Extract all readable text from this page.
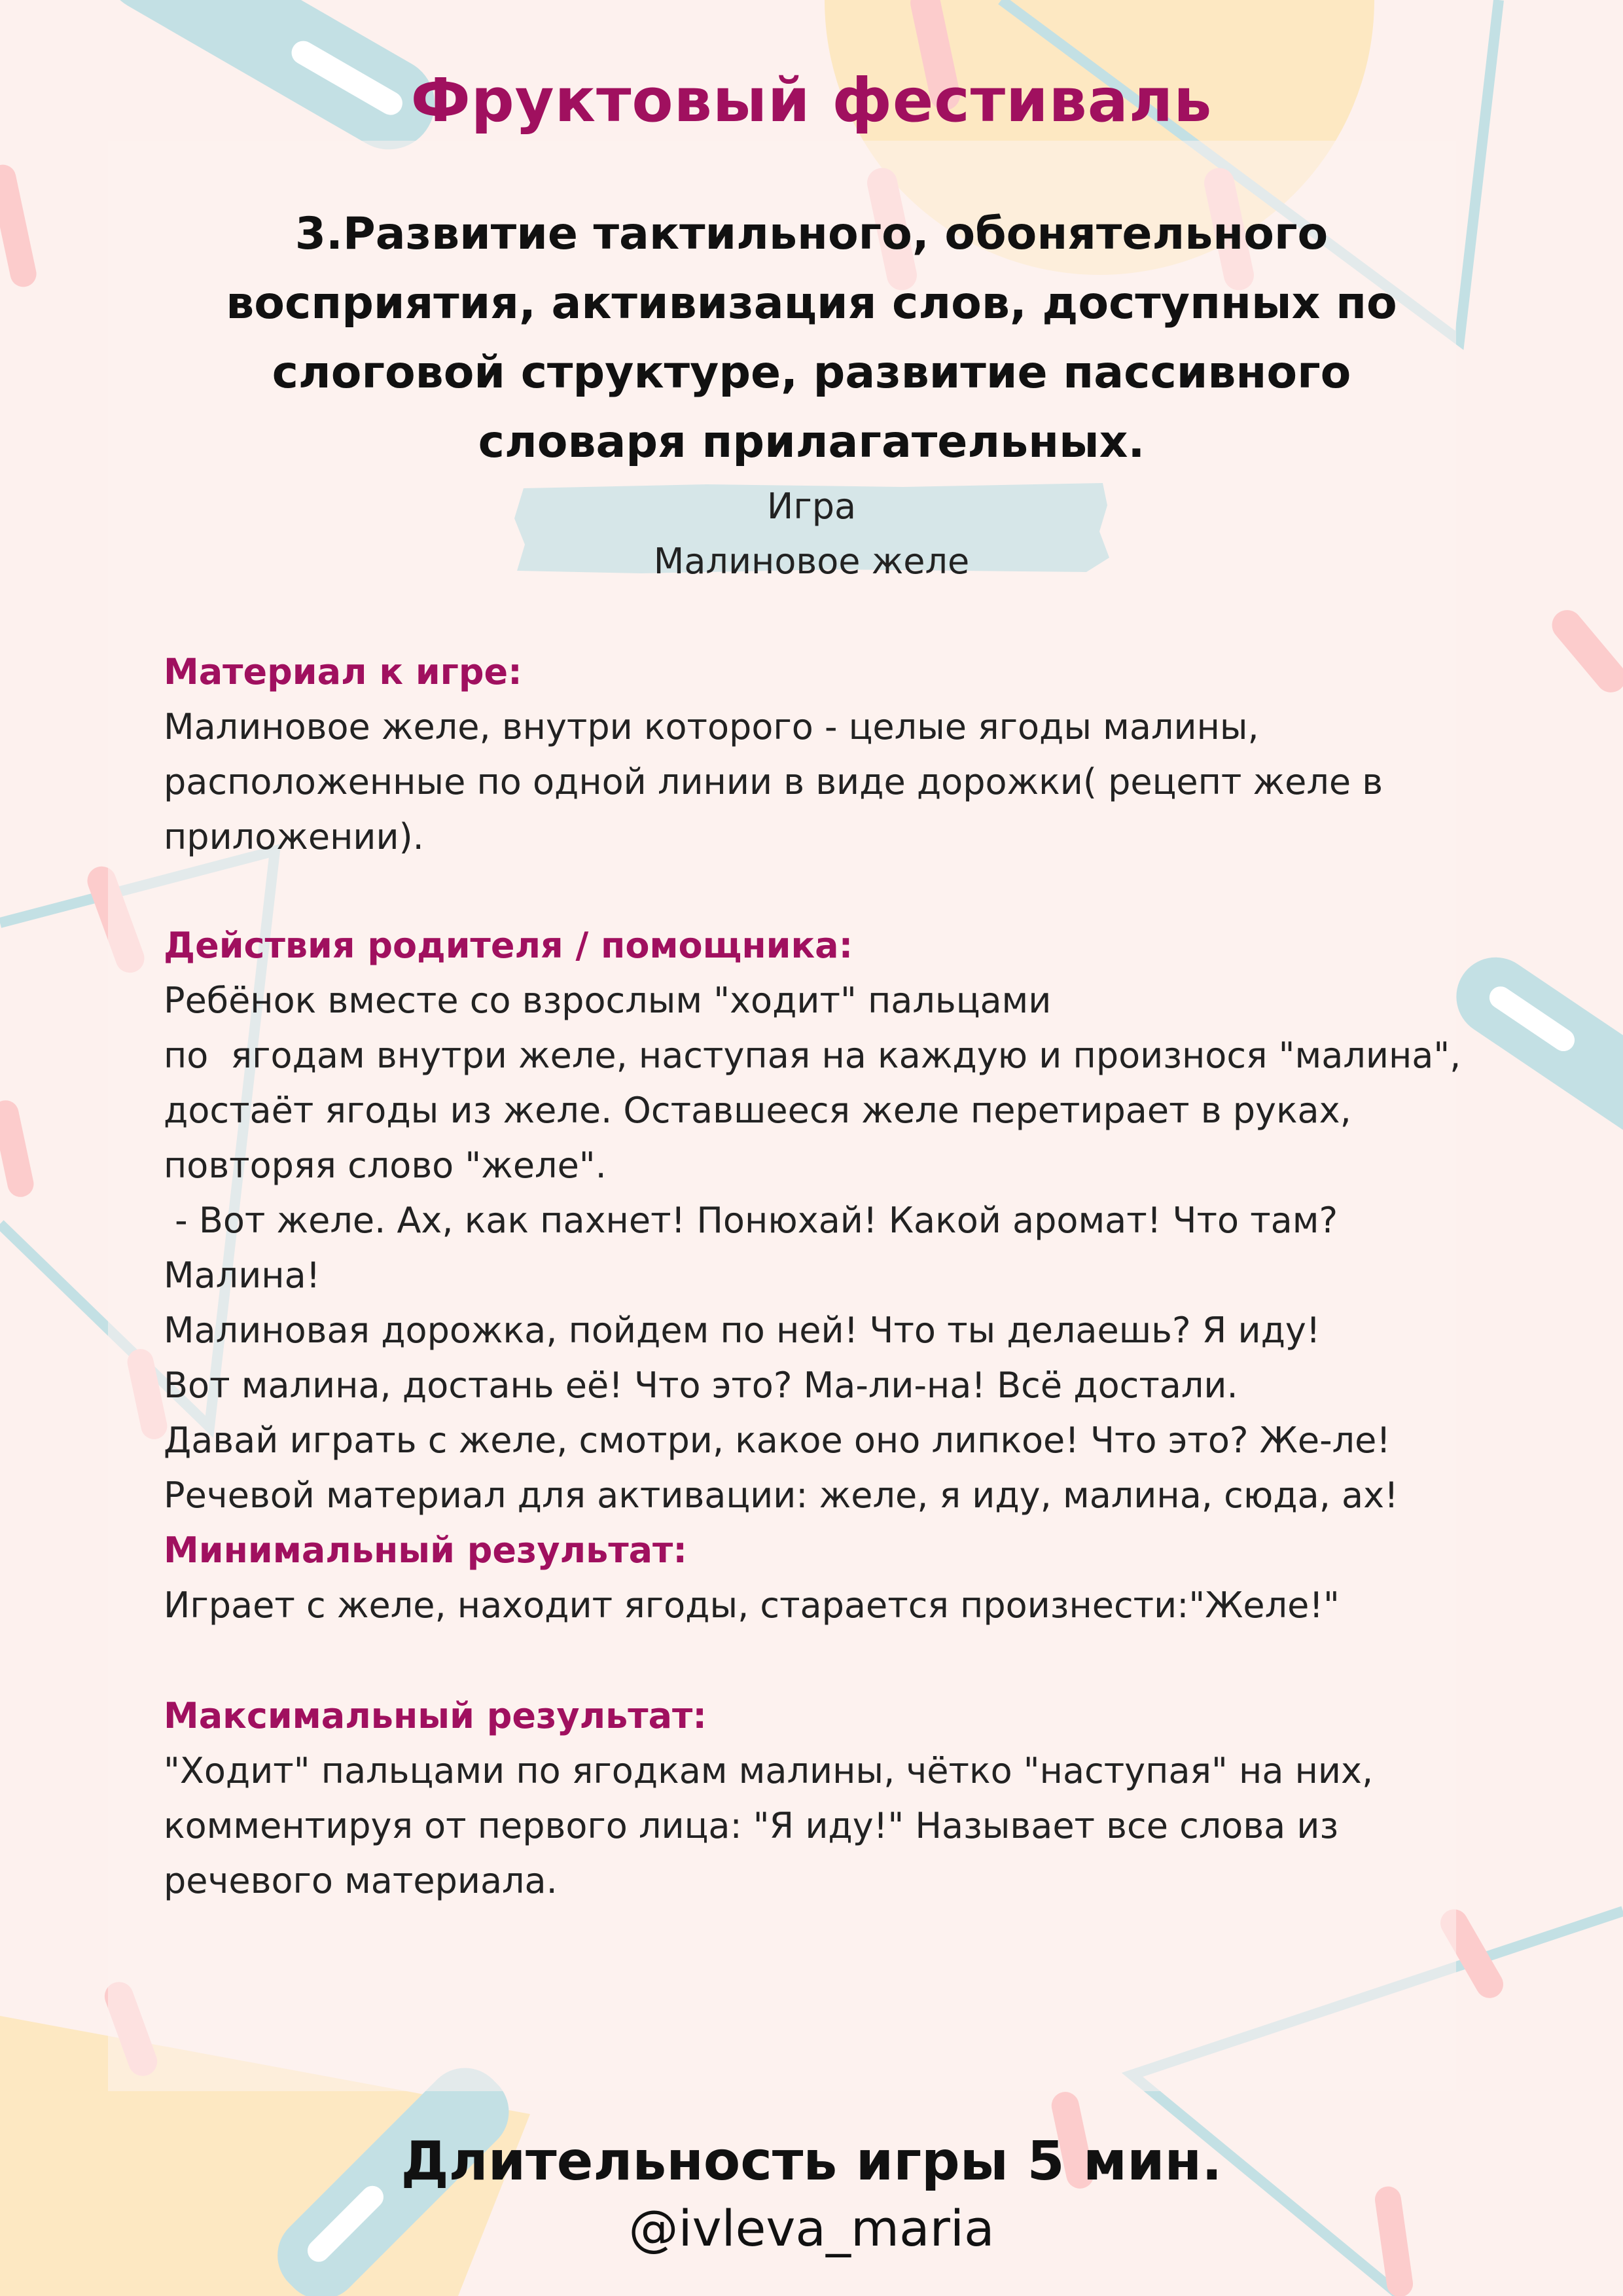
Фруктовый фестиваль
3.Развитие тактильного, обонятельного
восприятия, активизация слов, доступных по
слоговой структуре, развитие пассивного
словаря прилагательных.
Игра
Малиновое желе
Материал к игре:
Малиновое желе, внутри которого - целые ягоды малины,
расположенные по одной линии в виде дорожки( рецепт желе в
приложении).
Действия родителя / помощника:
Ребёнок вместе со взрослым "ходит" пальцами
по  ягодам внутри желе, наступая на каждую и произнося "малина",
достаёт ягоды из желе. Оставшееся желе перетирает в руках,
повторяя слово "желе".
- Вот желе. Ах, как пахнет! Понюхай! Какой аромат! Что там? Малина!
Малиновая дорожка, пойдем по ней! Что ты делаешь? Я иду!
Вот малина, достань её! Что это? Ма-ли-на! Всё достали.
Давай играть с желе, смотри, какое оно липкое! Что это? Же-ле!
Речевой материал для активации: желе, я иду, малина, сюда, ах!
Минимальный результат:
Играет с желе, находит ягоды, старается произнести:"Желе!"
Максимальный результат:
"Ходит" пальцами по ягодкам малины, чётко "наступая" на них,
комментируя от первого лица: "Я иду!" Называет все слова из
речевого материала.
Длительность игры 5 мин.
@ivleva_maria
